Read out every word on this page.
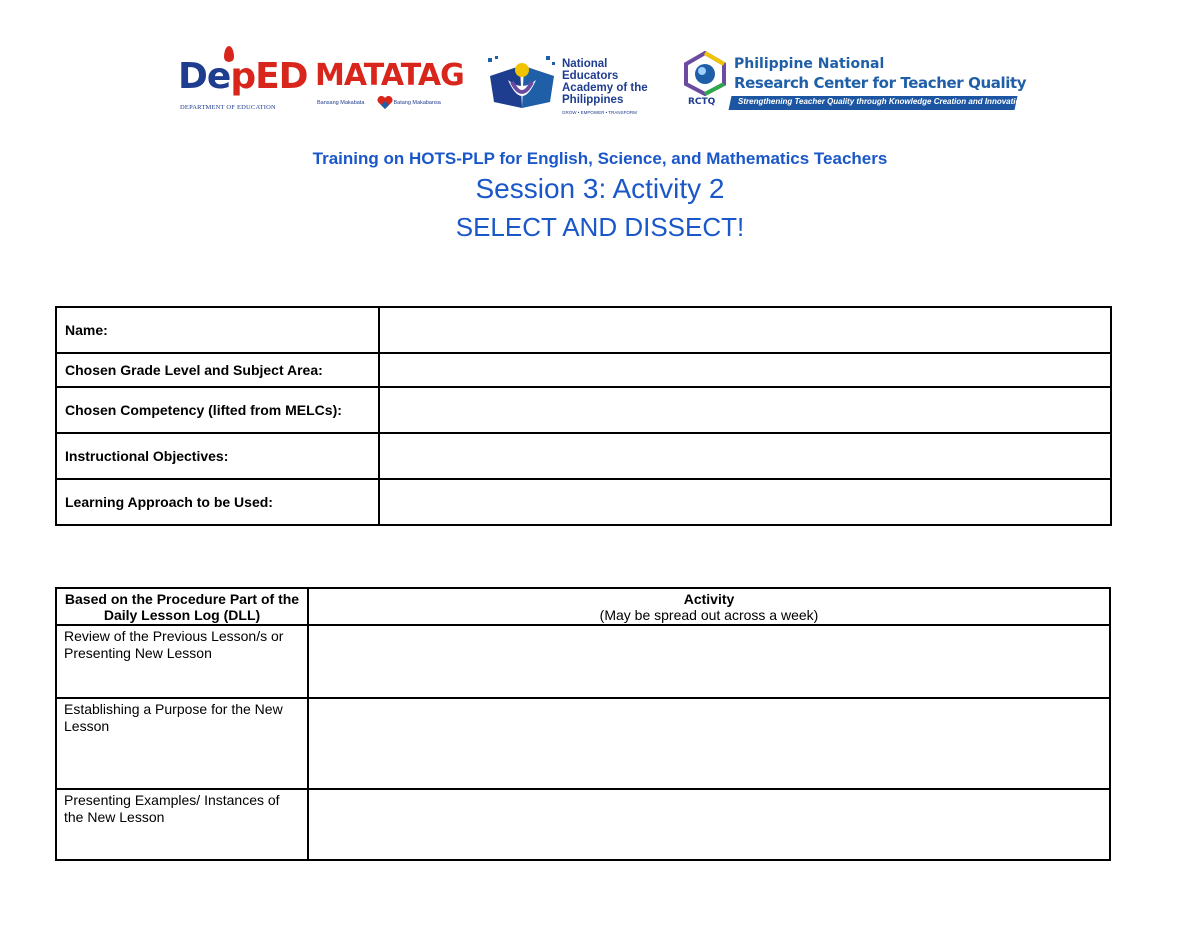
DepED
DEPARTMENT OF EDUCATION
MATATAG
Bansang Makabata	Batang Makabansa
National
Educators
Academy of the
Philippines
GROW • EMPOWER • TRANSFORM
RCTQ
Philippine National
Research Center for Teacher Quality
Strengthening Teacher Quality through Knowledge Creation and Innovation
Training on HOTS-PLP for English, Science, and Mathematics Teachers
Session 3: Activity 2
SELECT AND DISSECT!
Name:	
Chosen Grade Level and Subject Area:	
Chosen Competency (lifted from MELCs):	
Instructional Objectives:	
Learning Approach to be Used:	
Based on the Procedure Part of the Daily Lesson Log (DLL)	Activity
(May be spread out across a week)

Review of the Previous Lesson/s or Presenting New Lesson	
Establishing a Purpose for the New Lesson	
Presenting Examples/ Instances of the New Lesson	
